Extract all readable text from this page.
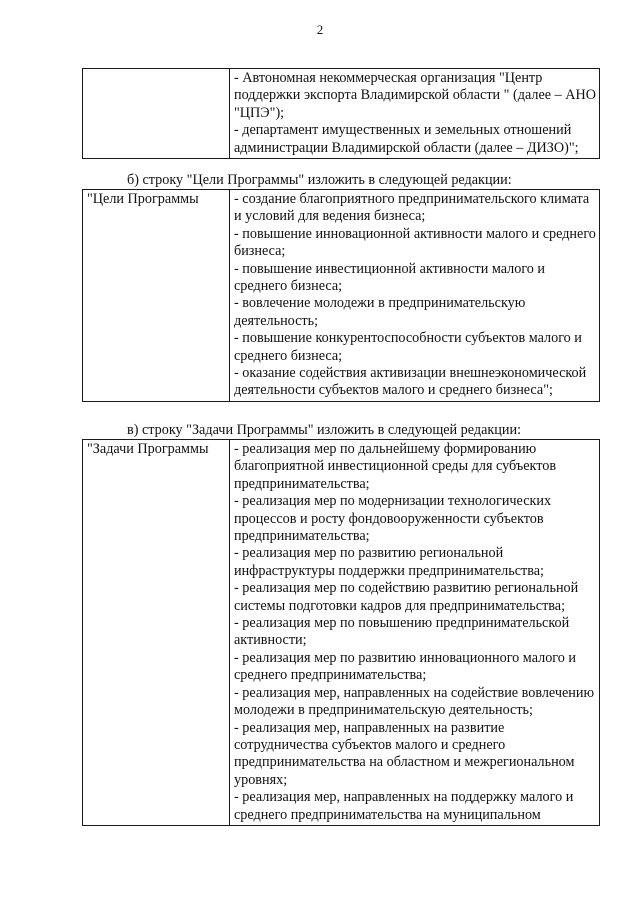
2

- Автономная некоммерческая организация "Центр поддержки экспорта Владимирской области " (далее – АНО "ЦПЭ");
- департамент имущественных и земельных отношений администрации Владимирской области (далее – ДИЗО)";
б) строку "Цели Программы" изложить в следующей редакции:
"Цели Программы	- создание благоприятного предпринимательского климата и условий для ведения бизнеса;
- повышение инновационной активности малого и среднего бизнеса;
- повышение инвестиционной активности малого и среднего бизнеса;
- вовлечение молодежи в предпринимательскую деятельность;
- повышение конкурентоспособности субъектов малого и среднего бизнеса;
- оказание содействия активизации внешнеэкономической деятельности субъектов малого и среднего бизнеса";
в) строку "Задачи Программы" изложить в следующей редакции:
"Задачи Программы	- реализация мер по дальнейшему формированию благоприятной инвестиционной среды для субъектов предпринимательства;
- реализация мер по модернизации технологических процессов и росту фондовооруженности субъектов предпринимательства;
- реализация мер по развитию региональной инфраструктуры поддержки предпринимательства;
- реализация мер по содействию развитию региональной системы подготовки кадров для предпринимательства;
- реализация мер по повышению предпринимательской активности;
- реализация мер по развитию инновационного малого и среднего предпринимательства;
- реализация мер, направленных на содействие вовлечению молодежи в предпринимательскую деятельность;
- реализация мер, направленных на развитие сотрудничества субъектов малого и среднего предпринимательства на областном и межрегиональном уровнях;
- реализация мер, направленных на поддержку малого и среднего предпринимательства на муниципальном
